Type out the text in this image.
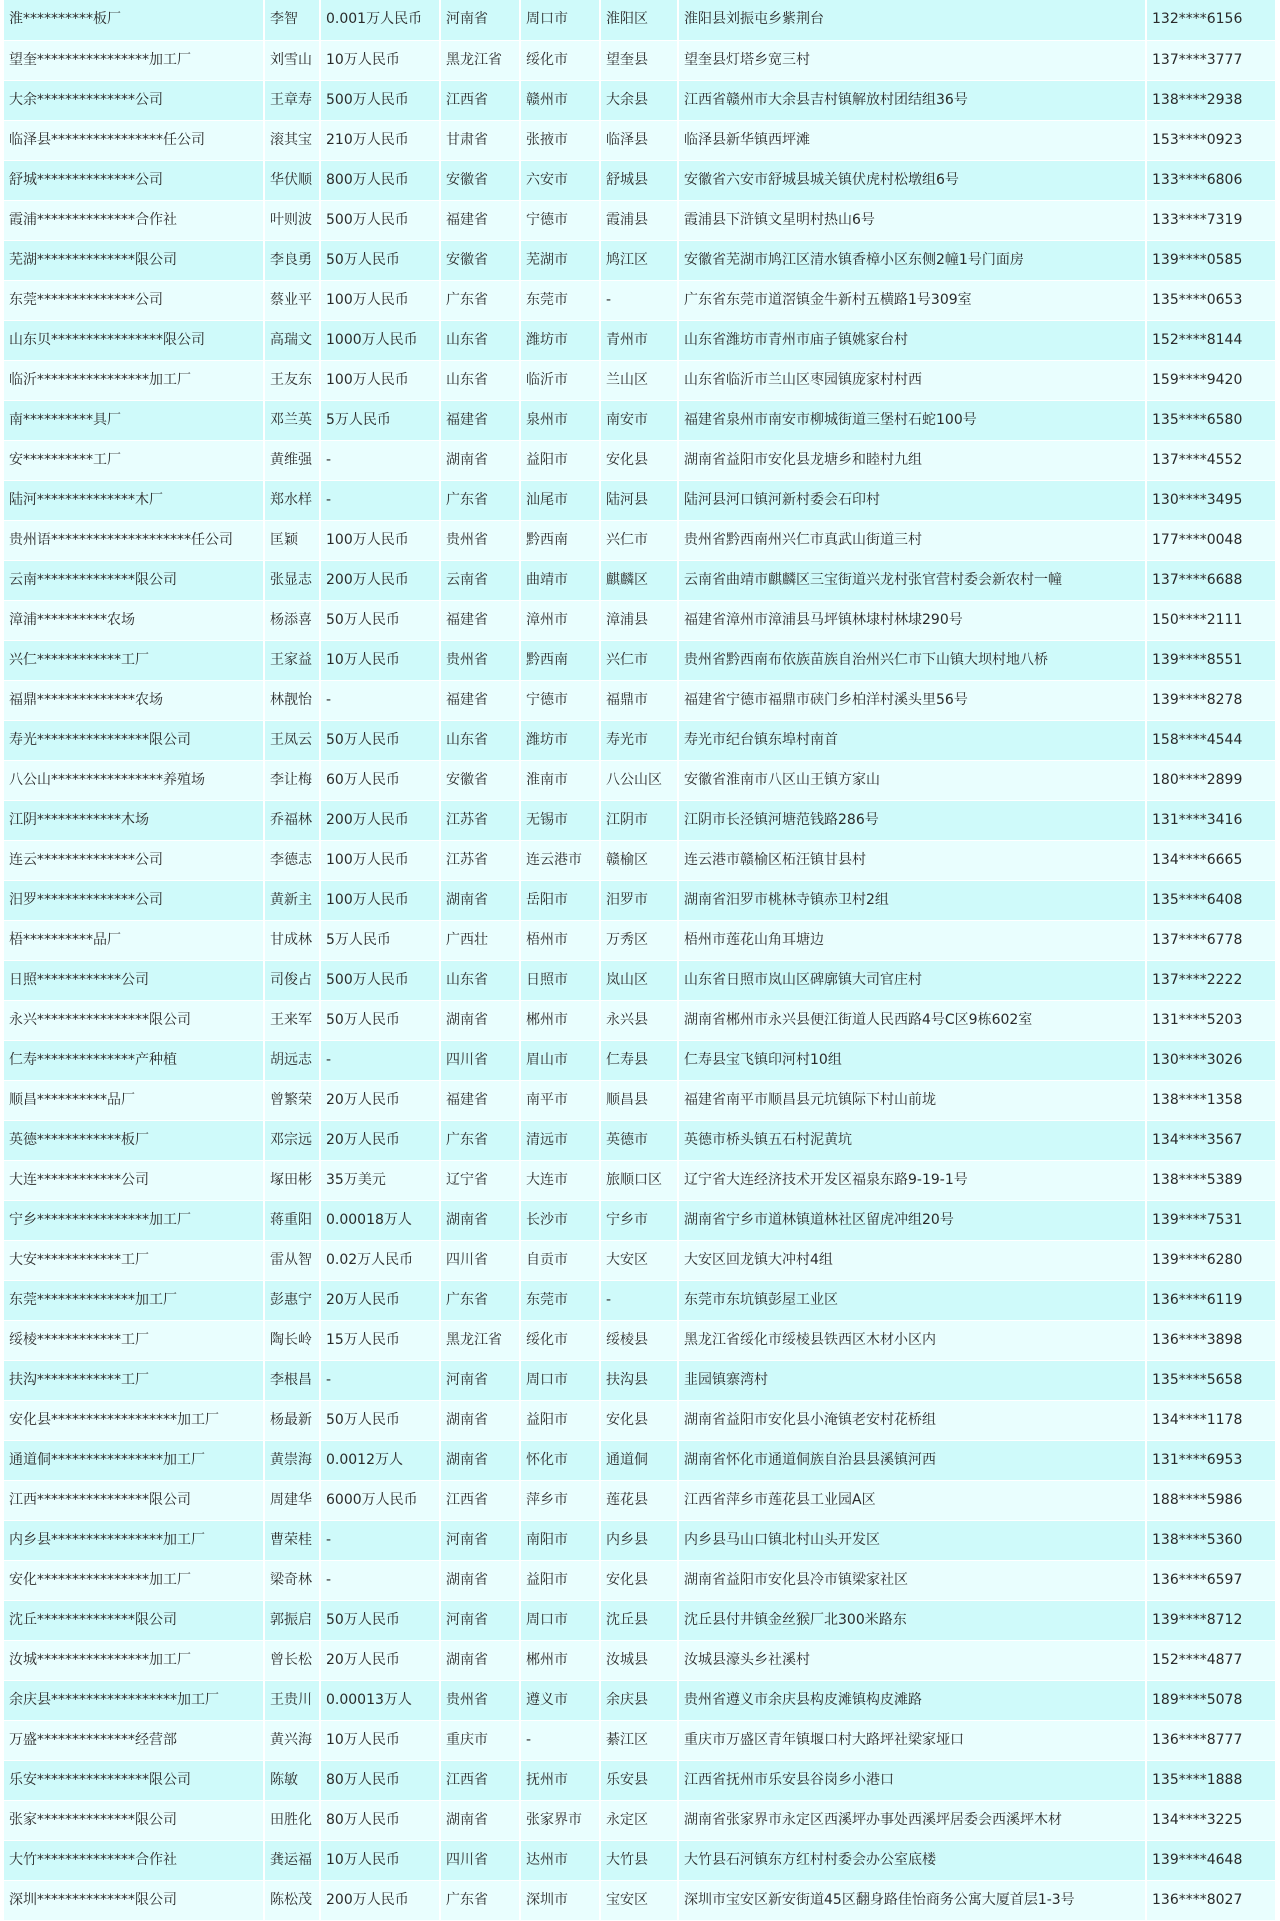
淮**********板厂	李智	0.001万人民币	河南省	周口市	淮阳区	淮阳县刘振屯乡紫荆台	132****6156
望奎****************加工厂	刘雪山	10万人民币	黑龙江省	绥化市	望奎县	望奎县灯塔乡宽三村	137****3777
大余**************公司	王章寿	500万人民币	江西省	赣州市	大余县	江西省赣州市大余县吉村镇解放村团结组36号	138****2938
临泽县****************任公司	滚其宝	210万人民币	甘肃省	张掖市	临泽县	临泽县新华镇西坪滩	153****0923
舒城**************公司	华伏顺	800万人民币	安徽省	六安市	舒城县	安徽省六安市舒城县城关镇伏虎村松墩组6号	133****6806
霞浦**************合作社	叶则波	500万人民币	福建省	宁德市	霞浦县	霞浦县下浒镇文星明村热山6号	133****7319
芜湖**************限公司	李良勇	50万人民币	安徽省	芜湖市	鸠江区	安徽省芜湖市鸠江区清水镇香樟小区东侧2幢1号门面房	139****0585
东莞**************公司	蔡业平	100万人民币	广东省	东莞市	-	广东省东莞市道滘镇金牛新村五横路1号309室	135****0653
山东贝****************限公司	高瑞文	1000万人民币	山东省	潍坊市	青州市	山东省潍坊市青州市庙子镇姚家台村	152****8144
临沂****************加工厂	王友东	100万人民币	山东省	临沂市	兰山区	山东省临沂市兰山区枣园镇庞家村村西	159****9420
南**********具厂	邓兰英	5万人民币	福建省	泉州市	南安市	福建省泉州市南安市柳城街道三堡村石蛇100号	135****6580
安**********工厂	黄维强	-	湖南省	益阳市	安化县	湖南省益阳市安化县龙塘乡和睦村九组	137****4552
陆河**************木厂	郑水样	-	广东省	汕尾市	陆河县	陆河县河口镇河新村委会石印村	130****3495
贵州语********************任公司	匡颖	100万人民币	贵州省	黔西南	兴仁市	贵州省黔西南州兴仁市真武山街道三村	177****0048
云南**************限公司	张显志	200万人民币	云南省	曲靖市	麒麟区	云南省曲靖市麒麟区三宝街道兴龙村张官营村委会新农村一幢	137****6688
漳浦**********农场	杨添喜	50万人民币	福建省	漳州市	漳浦县	福建省漳州市漳浦县马坪镇林埭村林埭290号	150****2111
兴仁************工厂	王家益	10万人民币	贵州省	黔西南	兴仁市	贵州省黔西南布依族苗族自治州兴仁市下山镇大坝村地八桥	139****8551
福鼎**************农场	林靓怡	-	福建省	宁德市	福鼎市	福建省宁德市福鼎市硖门乡柏洋村溪头里56号	139****8278
寿光****************限公司	王凤云	50万人民币	山东省	潍坊市	寿光市	寿光市纪台镇东埠村南首	158****4544
八公山****************养殖场	李让梅	60万人民币	安徽省	淮南市	八公山区	安徽省淮南市八区山王镇方家山	180****2899
江阴************木场	乔福林	200万人民币	江苏省	无锡市	江阴市	江阴市长泾镇河塘范钱路286号	131****3416
连云**************公司	李德志	100万人民币	江苏省	连云港市	赣榆区	连云港市赣榆区柘汪镇甘县村	134****6665
汨罗**************公司	黄新主	100万人民币	湖南省	岳阳市	汨罗市	湖南省汨罗市桃林寺镇赤卫村2组	135****6408
梧**********品厂	甘成林	5万人民币	广西壮	梧州市	万秀区	梧州市莲花山角耳塘边	137****6778
日照************公司	司俊占	500万人民币	山东省	日照市	岚山区	山东省日照市岚山区碑廓镇大司官庄村	137****2222
永兴****************限公司	王来军	50万人民币	湖南省	郴州市	永兴县	湖南省郴州市永兴县便江街道人民西路4号C区9栋602室	131****5203
仁寿**************产种植	胡远志	-	四川省	眉山市	仁寿县	仁寿县宝飞镇印河村10组	130****3026
顺昌**********品厂	曾繁荣	20万人民币	福建省	南平市	顺昌县	福建省南平市顺昌县元坑镇际下村山前垅	138****1358
英德************板厂	邓宗远	20万人民币	广东省	清远市	英德市	英德市桥头镇五石村泥黄坑	134****3567
大连************公司	塚田彬	35万美元	辽宁省	大连市	旅顺口区	辽宁省大连经济技术开发区福泉东路9-19-1号	138****5389
宁乡****************加工厂	蒋重阳	0.00018万人	湖南省	长沙市	宁乡市	湖南省宁乡市道林镇道林社区留虎冲组20号	139****7531
大安************工厂	雷从智	0.02万人民币	四川省	自贡市	大安区	大安区回龙镇大冲村4组	139****6280
东莞**************加工厂	彭惠宁	20万人民币	广东省	东莞市	-	东莞市东坑镇彭屋工业区	136****6119
绥棱************工厂	陶长岭	15万人民币	黑龙江省	绥化市	绥棱县	黑龙江省绥化市绥棱县铁西区木材小区内	136****3898
扶沟************工厂	李根昌	-	河南省	周口市	扶沟县	韭园镇寨湾村	135****5658
安化县******************加工厂	杨最新	50万人民币	湖南省	益阳市	安化县	湖南省益阳市安化县小淹镇老安村花桥组	134****1178
通道侗****************加工厂	黄崇海	0.0012万人	湖南省	怀化市	通道侗	湖南省怀化市通道侗族自治县县溪镇河西	131****6953
江西****************限公司	周建华	6000万人民币	江西省	萍乡市	莲花县	江西省萍乡市莲花县工业园A区	188****5986
内乡县****************加工厂	曹荣桂	-	河南省	南阳市	内乡县	内乡县马山口镇北村山头开发区	138****5360
安化****************加工厂	梁奇林	-	湖南省	益阳市	安化县	湖南省益阳市安化县冷市镇梁家社区	136****6597
沈丘**************限公司	郭振启	50万人民币	河南省	周口市	沈丘县	沈丘县付井镇金丝猴厂北300米路东	139****8712
汝城****************加工厂	曾长松	20万人民币	湖南省	郴州市	汝城县	汝城县濠头乡社溪村	152****4877
余庆县******************加工厂	王贵川	0.00013万人	贵州省	遵义市	余庆县	贵州省遵义市余庆县构皮滩镇构皮滩路	189****5078
万盛**************经营部	黄兴海	10万人民币	重庆市	-	綦江区	重庆市万盛区青年镇堰口村大路坪社梁家垭口	136****8777
乐安****************限公司	陈敏	80万人民币	江西省	抚州市	乐安县	江西省抚州市乐安县谷岗乡小港口	135****1888
张家**************限公司	田胜化	80万人民币	湖南省	张家界市	永定区	湖南省张家界市永定区西溪坪办事处西溪坪居委会西溪坪木材	134****3225
大竹**************合作社	龚运福	10万人民币	四川省	达州市	大竹县	大竹县石河镇东方红村村委会办公室底楼	139****4648
深圳**************限公司	陈松茂	200万人民币	广东省	深圳市	宝安区	深圳市宝安区新安街道45区翻身路佳怡商务公寓大厦首层1-3号	136****8027
